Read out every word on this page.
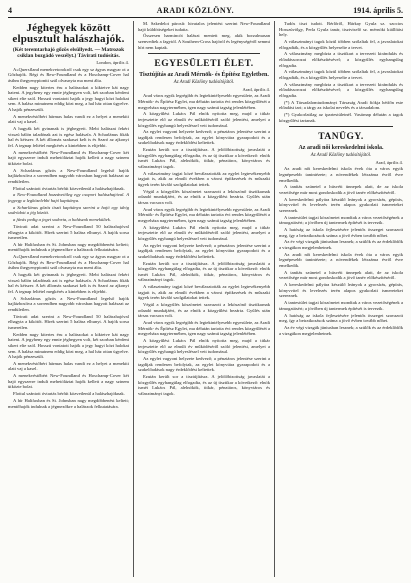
4	ARADI KÖZLÖNY.	1914. április 5.
Jéghegyek között elpusztult halászhajók.
(Két teremtarhajó gőzös elsüllyedt. — Matrozok csiklan bozgádó veszélyt.) Távirati tudósítás.
London, április 4.

A»Quersfland menekvetorokról csak egy sz ágyas magyar ot a Gőzhajók. Régi és Rew-Foundland és a Hoschamp-Cover hal ásthm ihegyenypiontti szál olvasnyta ma ment álta.

Kedden nagy kitertes éru a halászokat a kiktetve kát nagy hateni. A jegyheny egy ennie jéghegyen volt, két szorban kérdeni sikert elte szól. Hosszú vontatott hajók a jegy hagyi közt halokat sem. A halász minutnem eddig közt meg, a hal ház ottan ügyelve. A hajók pénzeszült.

A menekvéstőbért hármas halas vandi ez a helyet a menekiti alatt vaj a kasel.

A hagyák két gvinanak is jéghegyeit. Mebi halászat fekéri visszú bálón taladónak azt is egész halászfa. A Scharlánus fikák hal és kétszer. A két állomás szakaszi kelt is és Szaró az ajkonyi fel. A tegnap feltétel megkérés a kintebben is elijebbi.

A menekvéstőbért New-Foundland és Hoschamp-Cover két hajó egyszerre indult mehetöláztat hajók kellett a nagy szinem ütközte bolat.

A Scharlánus gőzös a New-Foundland legelső hajók hajlázbosítva a sorrendben nagyobb városban hagyott halászat az rendületlen.

Flottul szántott óvtartás bérfút közvetlenül a halászhajóknak.

a New-Foundland hozzávetőleg egy csoport halászhajóval. A jegyegy a legközelebbi hajó kapitánya.

a Scharlánus gőzös tiszti kapitánya szerint a hajó egy ideig sodródott a jég között.

a fúvás pedig a jeget sodorta, a halászok menekültek.

Távirati adat szerint a New-Foundland 50 halászhajóval elhagyta a kikötőt. Hírek szerint 5 halász elhunyt. A hajók sorsa ismeretlen.

A hír Halifaxban és St. Johnsban nagy megdöbbenést keltett; mentőhajók indulnak a jégmezőkre a halászok felkutatására.

A»Quersfland menekvetorokról csak egy sz ágyas magyar ot a Gőzhajók. Régi és Rew-Foundland és a Hoschamp-Cover hal ásthm ihegyenypiontti szál olvasnyta ma ment álta.

A hagyák két gvinanak is jéghegyeit. Mebi halászat fekéri visszú bálón taladónak azt is egész halászfa. A Scharlánus fikák hal és kétszer. A két állomás szakaszi kelt is és Szaró az ajkonyi fel. A tegnap feltétel megkérés a kintebben is elijebbi.

A Scharlánus gőzös a New-Foundland legelső hajók hajlázbosítva a sorrendben nagyobb városban hagyott halászat az rendületlen.

Távirati adat szerint a New-Foundland 50 halászhajóval elhagyta a kikötőt. Hírek szerint 5 halász elhunyt. A hajók sorsa ismeretlen.

Kedden nagy kitertes éru a halászokat a kiktetve kát nagy hateni. A jegyheny egy ennie jéghegyen volt, két szorban kérdeni sikert elte szól. Hosszú vontatott hajók a jegy hagyi közt halokat sem. A halász minutnem eddig közt meg, a hal ház ottan ügyelve. A hajók pénzeszült.

A menekvéstőbért hármas halas vandi ez a helyet a menekiti alatt vaj a kasel.

A menekvéstőbért New-Foundland és Hoschamp-Cover két hajó egyszerre indult mehetöláztat hajók kellett a nagy szinem ütközte bolat.

Flottul szántott óvtartás bérfút közvetlenül a halászhajóknak.

A hír Halifaxban és St. Johnsban nagy megdöbbenést keltett; mentőhajók indulnak a jégmezőkre a halászok felkutatására.

M. Szkedelot párosít: hivatalos jelentést szerint New-Foundland hajó küldöttségeket tudatta.

Összesen harmincöt halászt mentett meg, akik borzalmasan szenvedtek a fagytól. A Southern-Cross hajóról és legénységéről semmi hírt nem kaptak.

EGYESÜLETI ÉLET.
Tisztújítás az Aradi Mérnök- és Építész Egyletben.
Az Aradi Közlöny tudósítójától.
Arad, április 4.

Arad város egyik legrégibb és legtekintélyesebb egyesülete, az Aradi Mérnök- és Építész Egylet, ma délután tartotta évi rendes közgyűlését a megyeháza nagytermében, igen nagy számú tagság jelenlétében.

A közgyűlést Lukács Pál elnök nyitotta meg, majd a titkár terjesztette elő az elmúlt év működéséről szóló jelentést, amelyet a közgyűlés egyhangú helyesléssel vett tudomásul.

Az egylet vagyoni helyzete kedvező; a pénztáros jelentése szerint a tagdíjak rendesen befolytak, az egylet könyvtára gyarapodott és a szakelőadások nagy érdeklődést keltettek.

Ezután került sor a tisztújításra. A jelölőbizottság javaslatát a közgyűlés egyhangúlag elfogadta, és az új tisztikar a következő: elnök ismét Lukács Pál, alelnökök, titkár, pénztáros, könyvtáros és választmányi tagok.

A választmány tagjai közé beválasztották az egylet legtevékenyebb tagjait is, akik az elmúlt években a városi építkezések és műszaki ügyek terén kiváló szolgálatokat tettek.

Végül a közgyűlés köszönetet szavazott a leköszönő tisztikarnak odaadó munkájáért, és az elnök a közgyűlést bezárta. Gyűlés után társas vacsora volt.

Arad város egyik legrégibb és legtekintélyesebb egyesülete, az Aradi Mérnök- és Építész Egylet, ma délután tartotta évi rendes közgyűlését a megyeháza nagytermében, igen nagy számú tagság jelenlétében.

A közgyűlést Lukács Pál elnök nyitotta meg, majd a titkár terjesztette elő az elmúlt év működéséről szóló jelentést, amelyet a közgyűlés egyhangú helyesléssel vett tudomásul.

Az egylet vagyoni helyzete kedvező; a pénztáros jelentése szerint a tagdíjak rendesen befolytak, az egylet könyvtára gyarapodott és a szakelőadások nagy érdeklődést keltettek.

Ezután került sor a tisztújításra. A jelölőbizottság javaslatát a közgyűlés egyhangúlag elfogadta, és az új tisztikar a következő: elnök ismét Lukács Pál, alelnökök, titkár, pénztáros, könyvtáros és választmányi tagok.

A választmány tagjai közé beválasztották az egylet legtevékenyebb tagjait is, akik az elmúlt években a városi építkezések és műszaki ügyek terén kiváló szolgálatokat tettek.

Végül a közgyűlés köszönetet szavazott a leköszönő tisztikarnak odaadó munkájáért, és az elnök a közgyűlést bezárta. Gyűlés után társas vacsora volt.

Arad város egyik legrégibb és legtekintélyesebb egyesülete, az Aradi Mérnök- és Építész Egylet, ma délután tartotta évi rendes közgyűlését a megyeháza nagytermében, igen nagy számú tagság jelenlétében.

A közgyűlést Lukács Pál elnök nyitotta meg, majd a titkár terjesztette elő az elmúlt év működéséről szóló jelentést, amelyet a közgyűlés egyhangú helyesléssel vett tudomásul.

Az egylet vagyoni helyzete kedvező; a pénztáros jelentése szerint a tagdíjak rendesen befolytak, az egylet könyvtára gyarapodott és a szakelőadások nagy érdeklődést keltettek.

Ezután került sor a tisztújításra. A jelölőbizottság javaslatát a közgyűlés egyhangúlag elfogadta, és az új tisztikar a következő: elnök ismét Lukács Pál, alelnökök, titkár, pénztáros, könyvtáros és választmányi tagok.

Tudós tiszt tudott. Bérlőről, Hárkay Gyula sz. szocios Hosszúvölgy, Perla Gyula tanár, tisztviselő sz. mérnöki kiállítási hely.

A választmányi tagok közül többen szólaltak fel, a javaslatokat elfogadták, és a közgyűlés helyeselte a tervet.

A választmány megbízta a tisztikart a tervezett kirándulás és előadássorozat előkészítésével; a közgyűlés egyhangúlag elfogadta.

A választmányi tagok közül többen szólaltak fel, a javaslatokat elfogadták, és a közgyűlés helyeselte a tervet.

A választmány megbízta a tisztikart a tervezett kirándulás és előadássorozat előkészítésével; a közgyűlés egyhangúlag elfogadta.

(*) A Társadalomtudományi Társaság Aradi fiókja hétfőn este előadást tart; a tárgy az iskolai nevelés és a társadalom.

(*) Gyakorlatilag az ipartestületnél. Vasárnap délután a tagok közgyűlést tartanak.

TANÜGY.
Az aradi női kereskedelmi iskola.
Az Aradi Közlöny tudósítójától.
Arad, április 4.

Az aradi női kereskedelmi iskola évek óta a város egyik legnépesebb tanintézete; a növendékek létszáma évről évre emelkedik.

A tanítás szünetel a húsvéti ünnepek alatt, de az iskola vezetősége már most gondoskodik a jövő tanév előkészítéséről.

A kereskedelmi pályára készülő leányok a gyorsírás, gépírás, könyvvitel és levelezés terén alapos gyakorlati ismereteket szereznek.

A tantestület tagjai köszönetet mondtak a város vezetőségének a támogatásért; a jövőben új tantermek építését is tervezik.

A hatóság az iskola fejlesztésére jelentős összeget szavazott meg, így a beiratkozások száma a jövő évben tovább nőhet.

Az év végi vizsgák júniusban lesznek; a szülők és az érdeklődők a vizsgákon megjelenhetnek.

Az aradi női kereskedelmi iskola évek óta a város egyik legnépesebb tanintézete; a növendékek létszáma évről évre emelkedik.

A tanítás szünetel a húsvéti ünnepek alatt, de az iskola vezetősége már most gondoskodik a jövő tanév előkészítéséről.

A kereskedelmi pályára készülő leányok a gyorsírás, gépírás, könyvvitel és levelezés terén alapos gyakorlati ismereteket szereznek.

A tantestület tagjai köszönetet mondtak a város vezetőségének a támogatásért; a jövőben új tantermek építését is tervezik.

A hatóság az iskola fejlesztésére jelentős összeget szavazott meg, így a beiratkozások száma a jövő évben tovább nőhet.

Az év végi vizsgák júniusban lesznek; a szülők és az érdeklődők a vizsgákon megjelenhetnek.
